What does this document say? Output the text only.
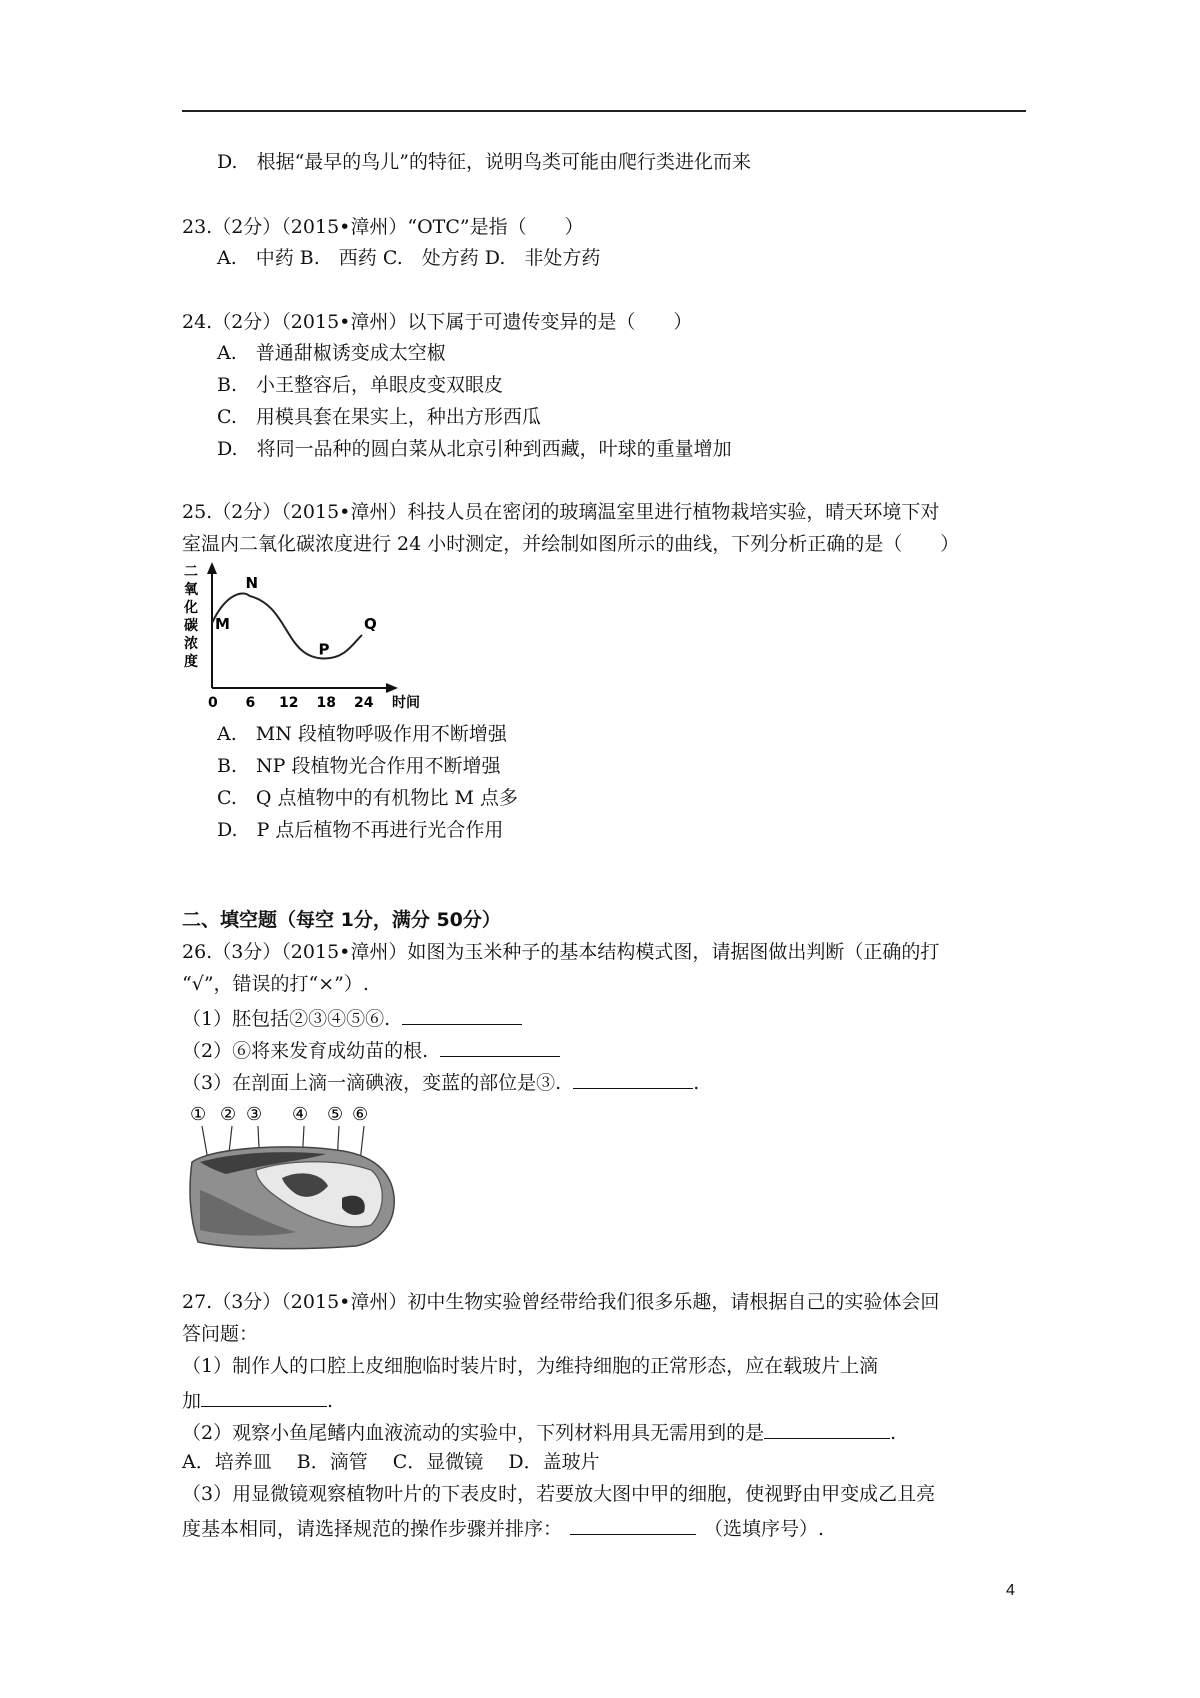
D.　根据“最早的鸟儿”的特征，说明鸟类可能由爬行类进化而来
23.（2分）（2015•漳州）“OTC”是指（　　）
A.　中药 B.　西药 C.　处方药 D.　非处方药
24.（2分）（2015•漳州）以下属于可遗传变异的是（　　）
A.　普通甜椒诱变成太空椒
B.　小王整容后，单眼皮变双眼皮
C.　用模具套在果实上，种出方形西瓜
D.　将同一品种的圆白菜从北京引种到西藏，叶球的重量增加
25.（2分）（2015•漳州）科技人员在密闭的玻璃温室里进行植物栽培实验，晴天环境下对
室温内二氧化碳浓度进行 24 小时测定，并绘制如图所示的曲线，下列分析正确的是（　　）
二
氧
化
碳
浓
度
0 6 12 18 24
M
N
P
Q
时间
A.　MN 段植物呼吸作用不断增强
B.　NP 段植物光合作用不断增强
C.　Q 点植物中的有机物比 M 点多
D.　P 点后植物不再进行光合作用
二、填空题（每空 1分，满分 50分）
26.（3分）（2015•漳州）如图为玉米种子的基本结构模式图，请据图做出判断（正确的打
“√”，错误的打“×”）.
（1）胚包括②③④⑤⑥.
（2）⑥将来发育成幼苗的根.
（3）在剖面上滴一滴碘液，变蓝的部位是③.	.
① ② ③ ④ ⑤ ⑥
27.（3分）（2015•漳州）初中生物实验曾经带给我们很多乐趣，请根据自己的实验体会回
答问题：
（1）制作人的口腔上皮细胞临时装片时，为维持细胞的正常形态，应在载玻片上滴
加	.
（2）观察小鱼尾鳍内血液流动的实验中，下列材料用具无需用到的是	.
A．培养皿　 B．滴管　 C．显微镜　 D．盖玻片
（3）用显微镜观察植物叶片的下表皮时，若要放大图中甲的细胞，使视野由甲变成乙且亮
度基本相同，请选择规范的操作步骤并排序：	（选填序号）.
4
